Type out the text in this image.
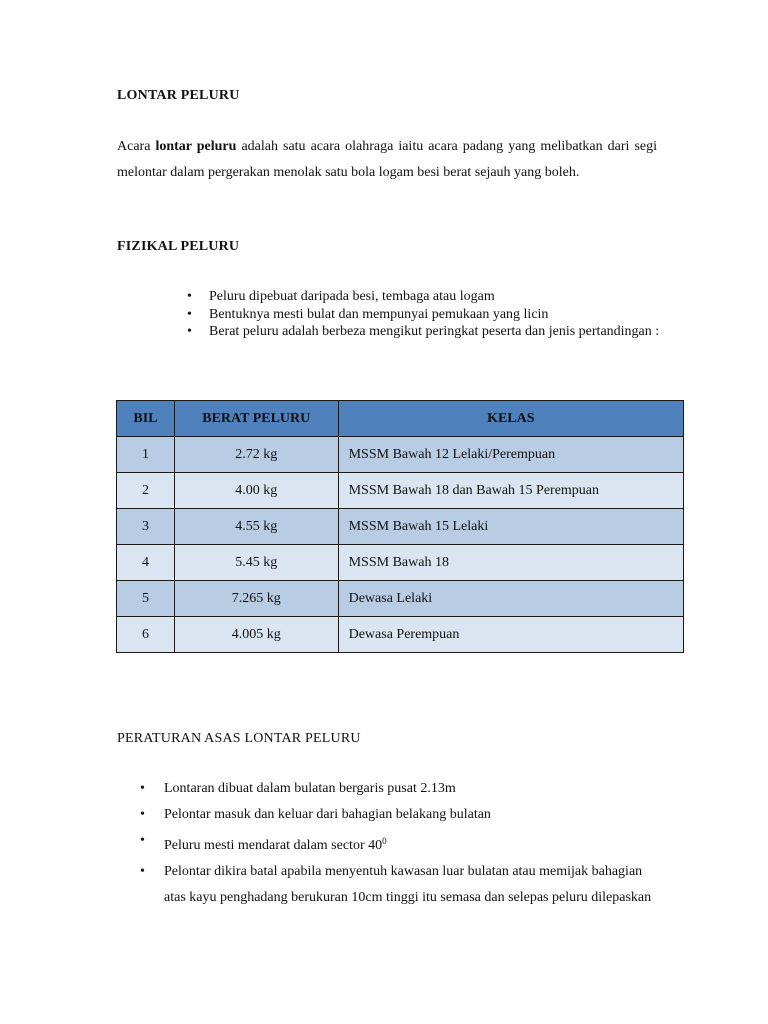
LONTAR PELURU
Acara lontar peluru adalah satu acara olahraga iaitu acara padang yang melibatkan dari segi melontar dalam pergerakan menolak satu bola logam besi berat sejauh yang boleh.
FIZIKAL PELURU
• Peluru dipebuat daripada besi, tembaga atau logam
• Bentuknya mesti bulat dan mempunyai pemukaan yang licin
• Berat peluru adalah berbeza mengikut peringkat peserta dan jenis pertandingan :
BIL	BERAT PELURU	KELAS
1	2.72 kg	MSSM Bawah 12 Lelaki/Perempuan
2	4.00 kg	MSSM Bawah 18 dan Bawah 15 Perempuan
3	4.55 kg	MSSM Bawah 15 Lelaki
4	5.45 kg	MSSM Bawah 18
5	7.265 kg	Dewasa Lelaki
6	4.005 kg	Dewasa Perempuan
PERATURAN ASAS LONTAR PELURU
• Lontaran dibuat dalam bulatan bergaris pusat 2.13m
• Pelontar masuk dan keluar dari bahagian belakang bulatan
• Peluru mesti mendarat dalam sector $40^0$
• Pelontar dikira batal apabila menyentuh kawasan luar bulatan atau memijak bahagian atas kayu penghadang berukuran 10cm tinggi itu semasa dan selepas peluru dilepaskan
